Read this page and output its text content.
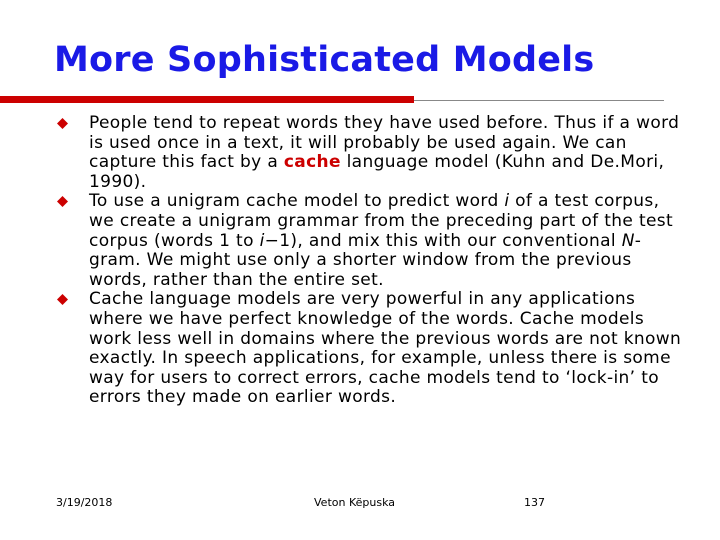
More Sophisticated Models
People tend to repeat words they have used before. Thus if a word is used once in a text, it will probably be used again. We can capture this fact by a cache language model (Kuhn and De.Mori, 1990).
To use a unigram cache model to predict word i of a test corpus, we create a unigram grammar from the preceding part of the test corpus (words 1 to i−1), and mix this with our conventional N-gram. We might use only a shorter window from the previous words, rather than the entire set.
Cache language models are very powerful in any applications where we have perfect knowledge of the words. Cache models work less well in domains where the previous words are not known exactly. In speech applications, for example, unless there is some way for users to correct errors, cache models tend to ‘lock-in’ to errors they made on earlier words.
3/19/2018	Veton Këpuska	137
